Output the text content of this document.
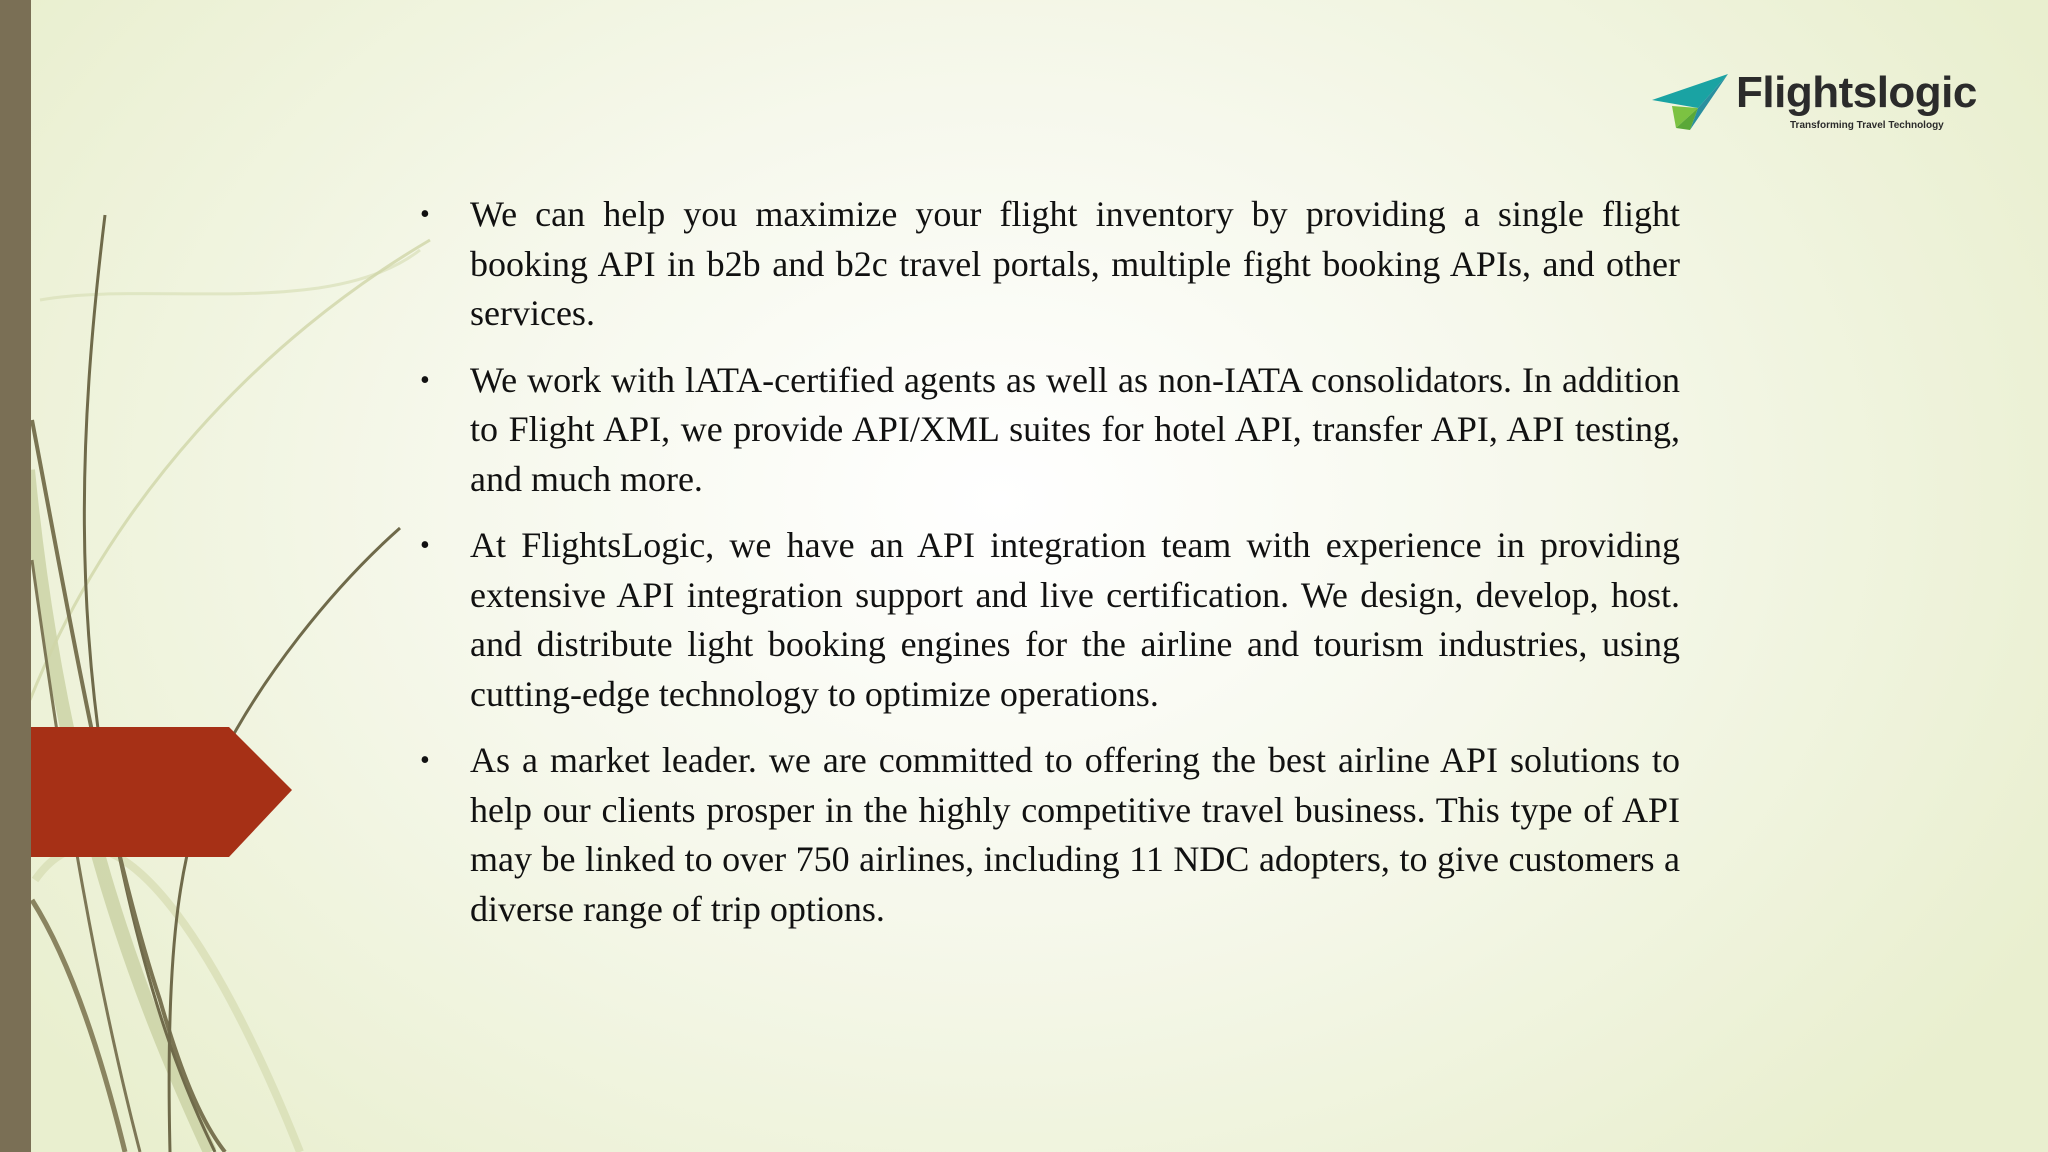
Flightslogic
Transforming Travel Technology
• We can help you maximize your flight inventory by providing a single flight booking API in b2b and b2c travel portals, multiple fight booking APIs, and other services.
• We work with lATA-certified agents as well as non-IATA consolidators. In addition to Flight API, we provide API/XML suites for hotel API, transfer API, API testing, and much more.
• At FlightsLogic, we have an API integration team with experience in providing extensive API integration support and live certification. We design, develop, host. and distribute light booking engines for the airline and tourism industries, using cutting-edge technology to optimize operations.
• As a market leader. we are committed to offering the best airline API solutions to help our clients prosper in the highly competitive travel business. This type of API may be linked to over 750 airlines, including 11 NDC adopters, to give customers a diverse range of trip options.
